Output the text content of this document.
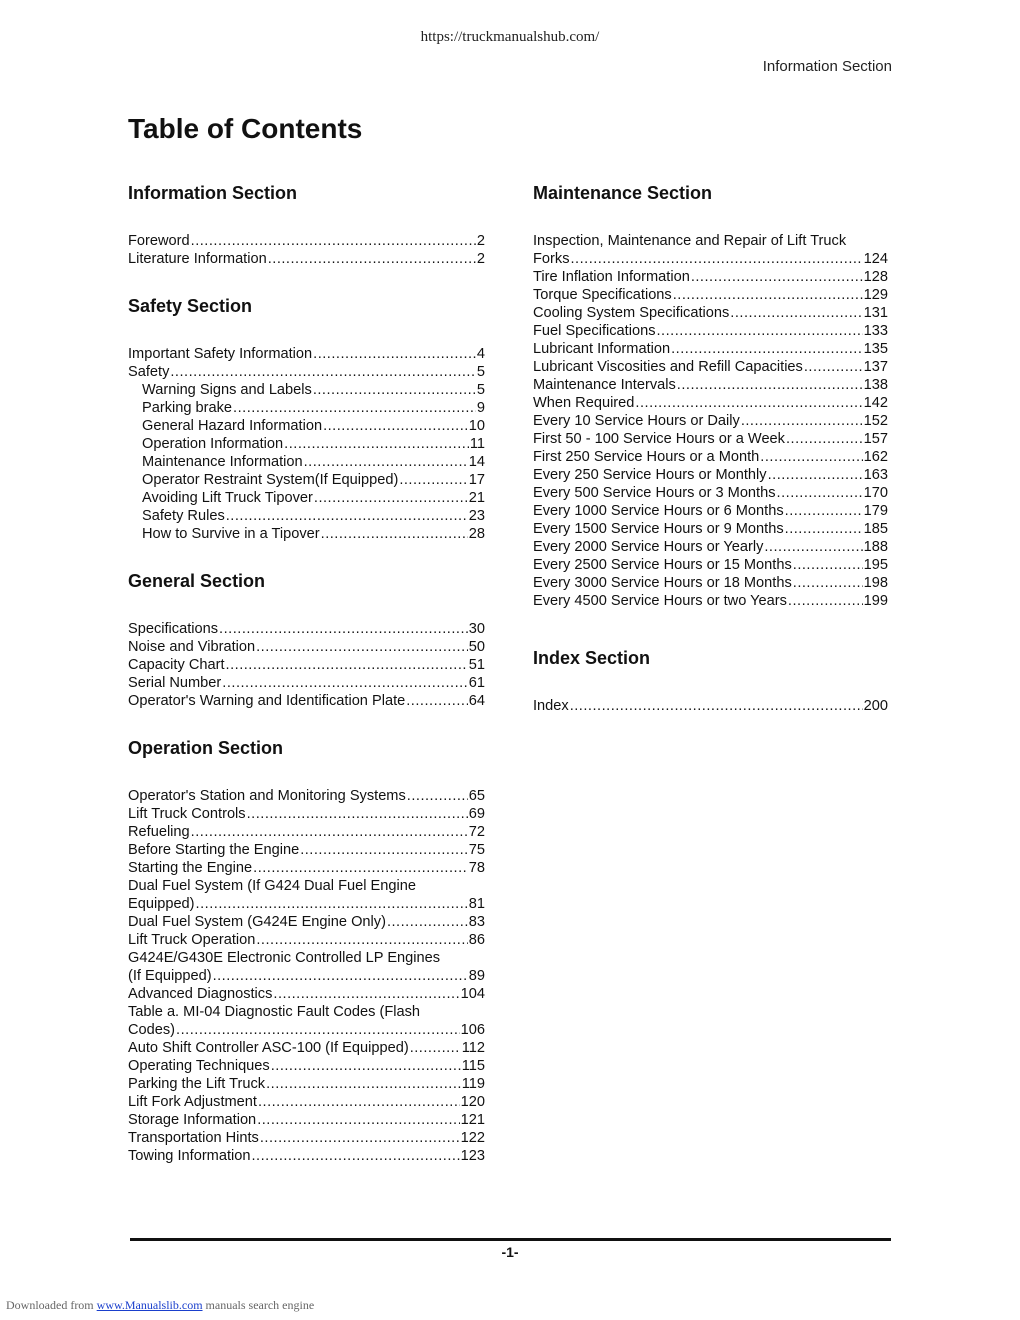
https://truckmanualshub.com/
Information Section
Table of Contents
Information Section
Foreword .....	2
Literature Information .....	2
Safety Section
Important Safety Information .....	4
Safety .....	5
Warning Signs and Labels .....	5
Parking brake .....	9
General Hazard Information .....	10
Operation Information .....	11
Maintenance Information .....	14
Operator Restraint System(If Equipped) .....	17
Avoiding Lift Truck Tipover .....	21
Safety Rules .....	23
How to Survive in a Tipover .....	28
General Section
Specifications .....	30
Noise and Vibration .....	50
Capacity Chart .....	51
Serial Number .....	61
Operator's Warning and Identification Plate .....	64
Operation Section
Operator's Station and Monitoring Systems .....	65
Lift Truck Controls .....	69
Refueling .....	72
Before Starting the Engine .....	75
Starting the Engine .....	78
Dual Fuel System (If G424 Dual Fuel Engine
Equipped) .....	81
Dual Fuel System (G424E Engine Only) .....	83
Lift Truck Operation .....	86
G424E/G430E Electronic Controlled LP Engines
(If Equipped) .....	89
Advanced Diagnostics .....	104
Table a. MI-04 Diagnostic Fault Codes (Flash
Codes) .....	106
Auto Shift Controller ASC-100 (If Equipped) .....	112
Operating Techniques .....	115
Parking the Lift Truck .....	119
Lift Fork Adjustment .....	120
Storage Information .....	121
Transportation Hints .....	122
Towing Information .....	123
Maintenance Section
Inspection, Maintenance and Repair of Lift Truck
Forks .....	124
Tire Inflation Information .....	128
Torque Specifications .....	129
Cooling System Specifications .....	131
Fuel Specifications .....	133
Lubricant Information .....	135
Lubricant Viscosities and Refill Capacities .....	137
Maintenance Intervals .....	138
When Required .....	142
Every 10 Service Hours or Daily .....	152
First 50 - 100 Service Hours or a Week .....	157
First 250 Service Hours or a Month .....	162
Every 250 Service Hours or Monthly .....	163
Every 500 Service Hours or 3 Months .....	170
Every 1000 Service Hours or 6 Months .....	179
Every 1500 Service Hours or 9 Months .....	185
Every 2000 Service Hours or Yearly .....	188
Every 2500 Service Hours or 15 Months .....	195
Every 3000 Service Hours or 18 Months .....	198
Every 4500 Service Hours or two Years .....	199
Index Section
Index .....	200
-1-
Downloaded from www.Manualslib.com manuals search engine
